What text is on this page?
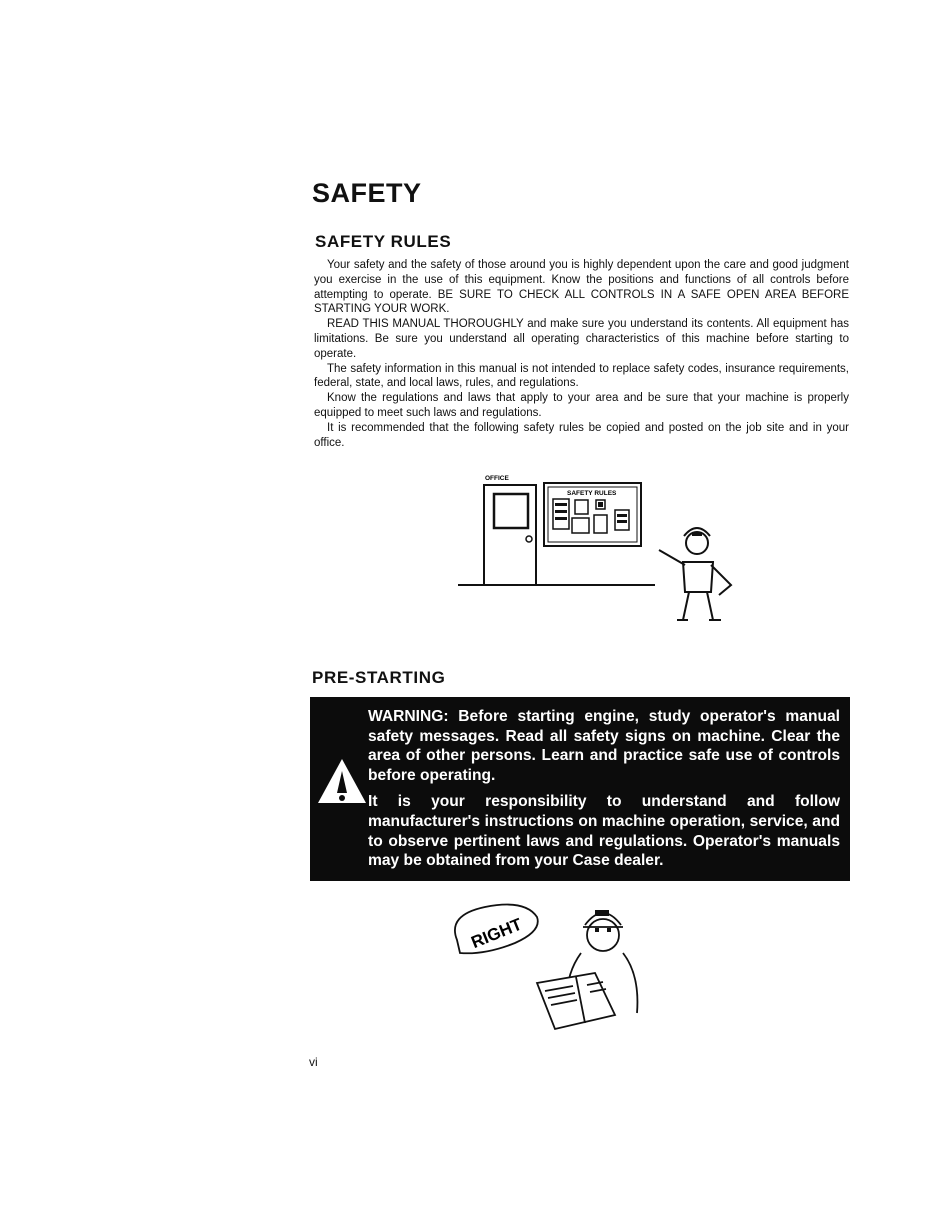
SAFETY
SAFETY RULES

Your safety and the safety of those around you is highly dependent upon the care and good judgment you exercise in the use of this equipment. Know the positions and functions of all controls before attempting to operate. BE SURE TO CHECK ALL CONTROLS IN A SAFE OPEN AREA BEFORE STARTING YOUR WORK.

READ THIS MANUAL THOROUGHLY and make sure you understand its contents. All equipment has limitations. Be sure you understand all operating characteristics of this machine before starting to operate.

The safety information in this manual is not intended to replace safety codes, insurance requirements, federal, state, and local laws, rules, and regulations.

Know the regulations and laws that apply to your area and be sure that your machine is properly equipped to meet such laws and regulations.

It is recommended that the following safety rules be copied and posted on the job site and in your office.

OFFICE
SAFETY RULES
PRE-STARTING

WARNING: Before starting engine, study operator's manual safety messages. Read all safety signs on machine. Clear the area of other persons. Learn and practice safe use of controls before operating.

It is your responsibility to understand and follow manufacturer's instructions on machine operation, service, and to observe pertinent laws and regulations. Operator's manuals may be obtained from your Case dealer.

RIGHT
vi
